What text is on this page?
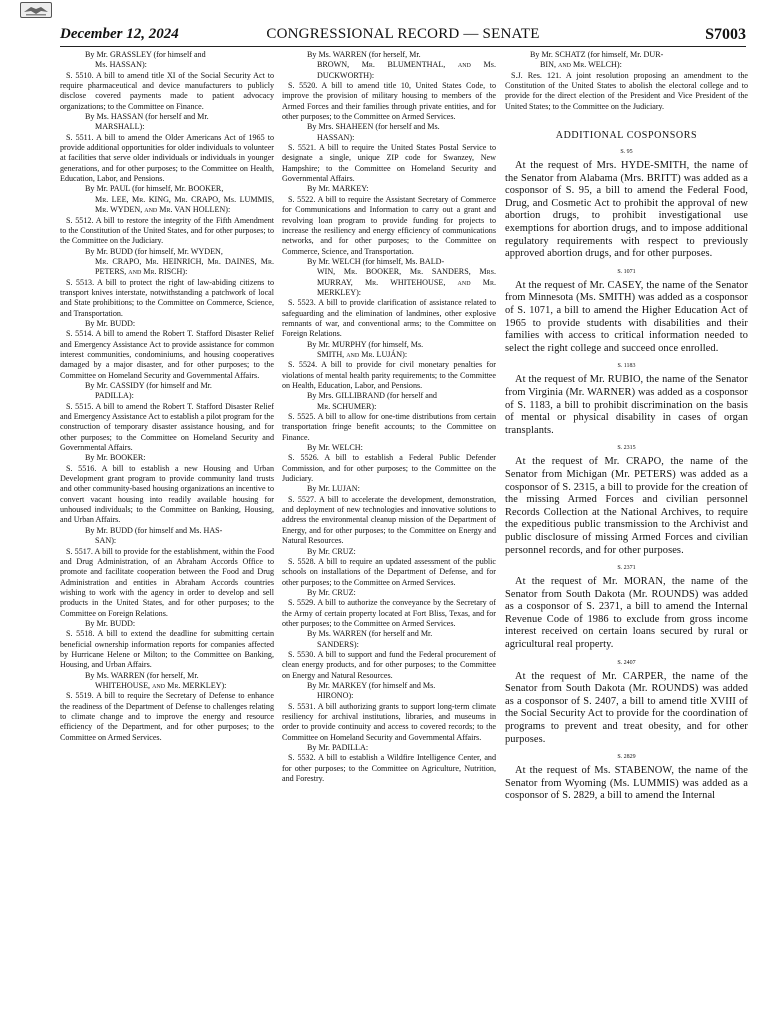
December 12, 2024	CONGRESSIONAL RECORD — SENATE	S7003

By Mr. GRASSLEY (for himself and
Ms. HASSAN):

S. 5510. A bill to amend title XI of the Social Security Act to require pharmaceutical and device manufacturers to publicly disclose covered payments made to patient advocacy organizations; to the Committee on Finance.

By Ms. HASSAN (for herself and Mr.
MARSHALL):

S. 5511. A bill to amend the Older Americans Act of 1965 to provide additional opportunities for older individuals to volunteer at facilities that serve older individuals or individuals in younger generations, and for other purposes; to the Committee on Health, Education, Labor, and Pensions.

By Mr. PAUL (for himself, Mr. BOOKER,
Mr. LEE, Mr. KING, Mr. CRAPO, Ms. LUMMIS, Mr. WYDEN, and Mr. VAN HOLLEN):

S. 5512. A bill to restore the integrity of the Fifth Amendment to the Constitution of the United States, and for other purposes; to the Committee on the Judiciary.

By Mr. BUDD (for himself, Mr. WYDEN,
Mr. CRAPO, Mr. HEINRICH, Mr. DAINES, Mr. PETERS, and Mr. RISCH):

S. 5513. A bill to protect the right of law-abiding citizens to transport knives interstate, notwithstanding a patchwork of local and State prohibitions; to the Committee on Commerce, Science, and Transportation.

By Mr. BUDD:

S. 5514. A bill to amend the Robert T. Stafford Disaster Relief and Emergency Assistance Act to provide assistance for common interest communities, condominiums, and housing cooperatives damaged by a major disaster, and for other purposes; to the Committee on Homeland Security and Governmental Affairs.

By Mr. CASSIDY (for himself and Mr.
PADILLA):

S. 5515. A bill to amend the Robert T. Stafford Disaster Relief and Emergency Assistance Act to establish a pilot program for the construction of temporary disaster assistance housing, and for other purposes; to the Committee on Homeland Security and Governmental Affairs.

By Mr. BOOKER:

S. 5516. A bill to establish a new Housing and Urban Development grant program to provide community land trusts and other community-based housing organizations an incentive to convert vacant housing into readily available housing for unhoused individuals; to the Committee on Banking, Housing, and Urban Affairs.

By Mr. BUDD (for himself and Ms. HAS-
SAN):

S. 5517. A bill to provide for the establishment, within the Food and Drug Administration, of an Abraham Accords Office to promote and facilitate cooperation between the Food and Drug Administration and entities in Abraham Accords countries wishing to work with the agency in order to develop and sell products in the United States, and for other purposes; to the Committee on Foreign Relations.

By Mr. BUDD:

S. 5518. A bill to extend the deadline for submitting certain beneficial ownership information reports for companies affected by Hurricane Helene or Milton; to the Committee on Banking, Housing, and Urban Affairs.

By Ms. WARREN (for herself, Mr.
WHITEHOUSE, and Mr. MERKLEY):

S. 5519. A bill to require the Secretary of Defense to enhance the readiness of the Department of Defense to challenges relating to climate change and to improve the energy and resource efficiency of the Department, and for other purposes; to the Committee on Armed Services.

By Ms. WARREN (for herself, Mr.
BROWN, Mr. BLUMENTHAL, and Ms. DUCKWORTH):

S. 5520. A bill to amend title 10, United States Code, to improve the provision of military housing to members of the Armed Forces and their families through private entities, and for other purposes; to the Committee on Armed Services.

By Mrs. SHAHEEN (for herself and Ms.
HASSAN):

S. 5521. A bill to require the United States Postal Service to designate a single, unique ZIP code for Swanzey, New Hampshire; to the Committee on Homeland Security and Governmental Affairs.

By Mr. MARKEY:

S. 5522. A bill to require the Assistant Secretary of Commerce for Communications and Information to carry out a grant and revolving loan program to provide funding for projects to increase the resiliency and energy efficiency of communications networks, and for other purposes; to the Committee on Commerce, Science, and Transportation.

By Mr. WELCH (for himself, Ms. BALD-
WIN, Mr. BOOKER, Mr. SANDERS, Mrs. MURRAY, Mr. WHITEHOUSE, and Mr. MERKLEY):

S. 5523. A bill to provide clarification of assistance related to safeguarding and the elimination of landmines, other explosive remnants of war, and conventional arms; to the Committee on Foreign Relations.

By Mr. MURPHY (for himself, Ms.
SMITH, and Mr. LUJÁN):

S. 5524. A bill to provide for civil monetary penalties for violations of mental health parity requirements; to the Committee on Health, Education, Labor, and Pensions.

By Mrs. GILLIBRAND (for herself and
Mr. SCHUMER):

S. 5525. A bill to allow for one-time distributions from certain transportation fringe benefit accounts; to the Committee on Finance.

By Mr. WELCH:

S. 5526. A bill to establish a Federal Public Defender Commission, and for other purposes; to the Committee on the Judiciary.

By Mr. LUJAN:

S. 5527. A bill to accelerate the development, demonstration, and deployment of new technologies and innovative solutions to address the environmental cleanup mission of the Department of Energy, and for other purposes; to the Committee on Energy and Natural Resources.

By Mr. CRUZ:

S. 5528. A bill to require an updated assessment of the public schools on installations of the Department of Defense, and for other purposes; to the Committee on Armed Services.

By Mr. CRUZ:

S. 5529. A bill to authorize the conveyance by the Secretary of the Army of certain property located at Fort Bliss, Texas, and for other purposes; to the Committee on Armed Services.

By Ms. WARREN (for herself and Mr.
SANDERS):

S. 5530. A bill to support and fund the Federal procurement of clean energy products, and for other purposes; to the Committee on Energy and Natural Resources.

By Mr. MARKEY (for himself and Ms.
HIRONO):

S. 5531. A bill authorizing grants to support long-term climate resiliency for archival institutions, libraries, and museums in order to provide continuity and access to covered records; to the Committee on Homeland Security and Governmental Affairs.

By Mr. PADILLA:

S. 5532. A bill to establish a Wildfire Intelligence Center, and for other purposes; to the Committee on Agriculture, Nutrition, and Forestry.

By Mr. SCHATZ (for himself, Mr. DUR-
BIN, and Mr. WELCH):

S.J. Res. 121. A joint resolution proposing an amendment to the Constitution of the United States to abolish the electoral college and to provide for the direct election of the President and Vice President of the United States; to the Committee on the Judiciary.

ADDITIONAL COSPONSORS
S. 95

At the request of Mrs. HYDE-SMITH, the name of the Senator from Alabama (Mrs. BRITT) was added as a cosponsor of S. 95, a bill to amend the Federal Food, Drug, and Cosmetic Act to prohibit the approval of new abortion drugs, to prohibit investigational use exemptions for abortion drugs, and to impose additional regulatory requirements with respect to previously approved abortion drugs, and for other purposes.

S. 1071

At the request of Mr. CASEY, the name of the Senator from Minnesota (Ms. SMITH) was added as a cosponsor of S. 1071, a bill to amend the Higher Education Act of 1965 to provide students with disabilities and their families with access to critical information needed to select the right college and succeed once enrolled.

S. 1183

At the request of Mr. RUBIO, the name of the Senator from Virginia (Mr. WARNER) was added as a cosponsor of S. 1183, a bill to prohibit discrimination on the basis of mental or physical disability in cases of organ transplants.

S. 2315

At the request of Mr. CRAPO, the name of the Senator from Michigan (Mr. PETERS) was added as a cosponsor of S. 2315, a bill to provide for the creation of the missing Armed Forces and civilian personnel Records Collection at the National Archives, to require the expeditious public transmission to the Archivist and public disclosure of missing Armed Forces and civilian personnel records, and for other purposes.

S. 2371

At the request of Mr. MORAN, the name of the Senator from South Dakota (Mr. ROUNDS) was added as a cosponsor of S. 2371, a bill to amend the Internal Revenue Code of 1986 to exclude from gross income interest received on certain loans secured by rural or agricultural real property.

S. 2407

At the request of Mr. CARPER, the name of the Senator from South Dakota (Mr. ROUNDS) was added as a cosponsor of S. 2407, a bill to amend title XVIII of the Social Security Act to provide for the coordination of programs to prevent and treat obesity, and for other purposes.

S. 2829

At the request of Ms. STABENOW, the name of the Senator from Wyoming (Ms. LUMMIS) was added as a cosponsor of S. 2829, a bill to amend the Internal
